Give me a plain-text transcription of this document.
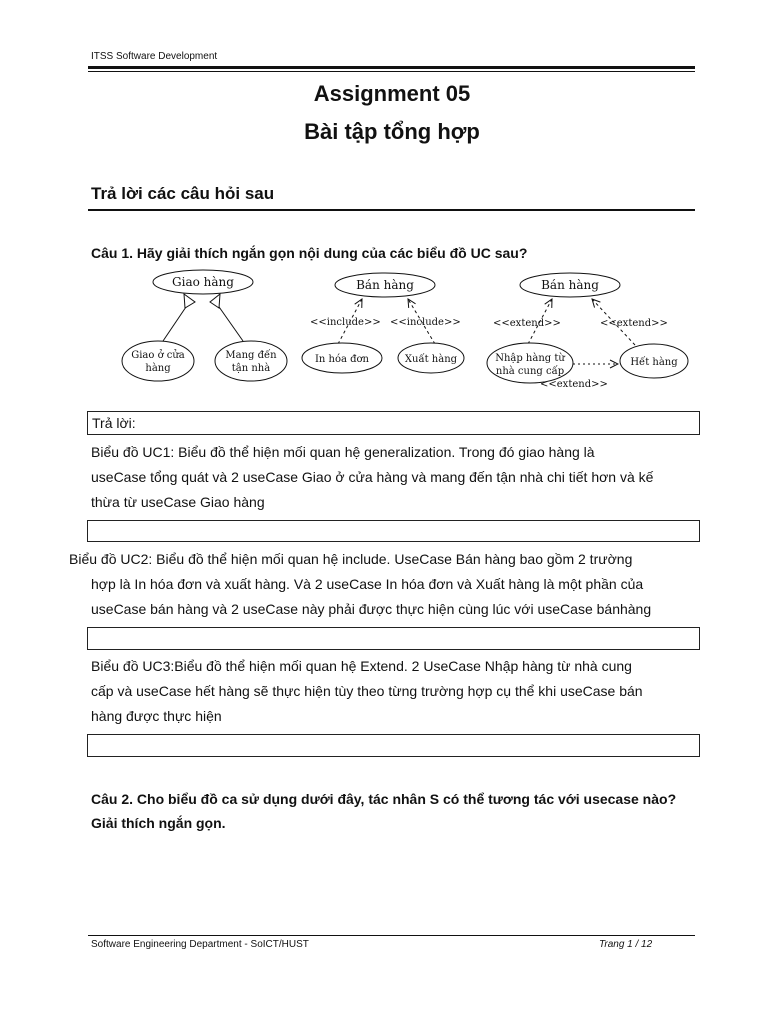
ITSS Software Development
Assignment 05
Bài tập tổng hợp
Trả lời các câu hỏi sau
Câu 1. Hãy giải thích ngắn gọn nội dung của các biểu đồ UC sau?
Giao hàng
Giao ở cửa
hàng
Mang đến
tận nhà
Bán hàng
<<include>> <<include>>
In hóa đơn	Xuất hàng
Bán hàng
<<extend>>	<<extend>>
Nhập hàng từ
nhà cung cấp
Hết hàng
<<extend>>
Trả lời:
Biểu đồ UC1: Biểu đồ thể hiện mối quan hệ generalization. Trong đó giao hàng là
useCase tổng quát và 2 useCase Giao ở cửa hàng và mang đến tận nhà chi tiết hơn và kế
thừa từ useCase Giao hàng
Biểu đồ UC2: Biểu đồ thể hiện mối quan hệ include. UseCase Bán hàng bao gồm 2 trường
hợp là In hóa đơn và xuất hàng. Và 2 useCase In hóa đơn và Xuất hàng là một phần của
useCase bán hàng và 2 useCase này phải được thực hiện cùng lúc với useCase bánhàng
Biểu đồ UC3:Biểu đồ thể hiện mối quan hệ Extend. 2 UseCase Nhập hàng từ nhà cung
cấp và useCase hết hàng sẽ thực hiện tùy theo từng trường hợp cụ thể khi useCase bán
hàng được thực hiện
Câu 2. Cho biểu đồ ca sử dụng dưới đây, tác nhân S có thể tương tác với usecase nào?
Giải thích ngắn gọn.
Software Engineering Department - SoICT/HUST	Trang 1 / 12
